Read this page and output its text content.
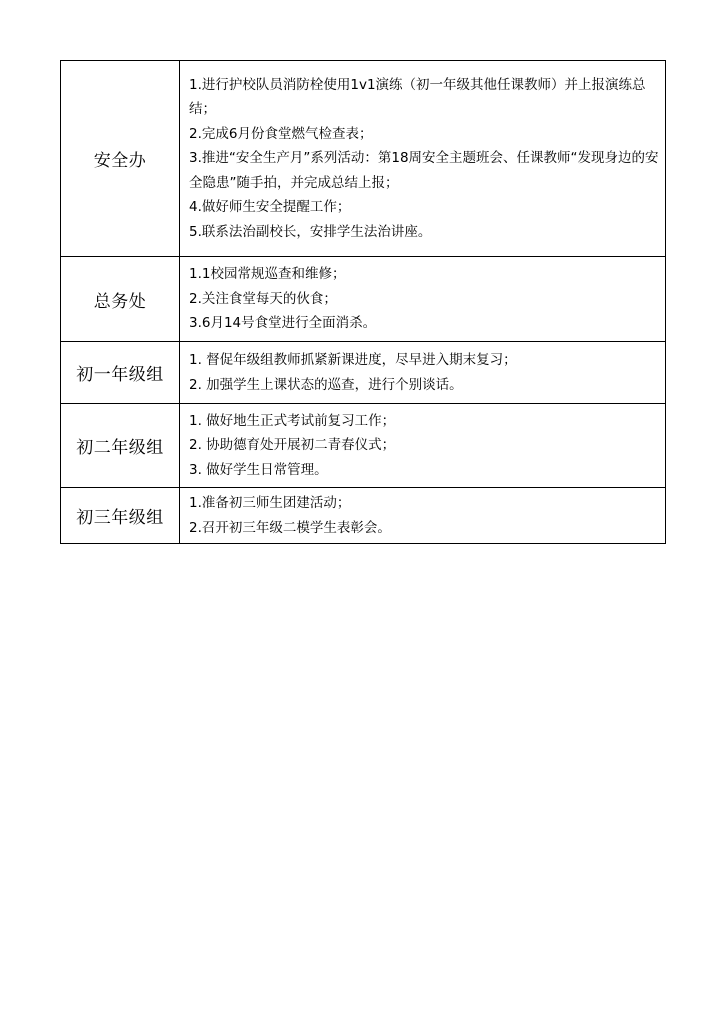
安全办	1.进行护校队员消防栓使用1v1演练（初一年级其他任课教师）并上报演练总结；
2.完成6月份食堂燃气检查表；
3.推进“安全生产月”系列活动：第18周安全主题班会、任课教师“发现身边的安全隐患”随手拍，并完成总结上报；
4.做好师生安全提醒工作；
5.联系法治副校长，安排学生法治讲座。

总务处	1.1校园常规巡查和维修；
2.关注食堂每天的伙食；
3.6月14号食堂进行全面消杀。

初一年级组	1. 督促年级组教师抓紧新课进度，尽早进入期末复习；
2. 加强学生上课状态的巡查，进行个别谈话。

初二年级组	1. 做好地生正式考试前复习工作；
2. 协助德育处开展初二青春仪式；
3. 做好学生日常管理。

初三年级组	1.准备初三师生团建活动；
2.召开初三年级二模学生表彰会。
